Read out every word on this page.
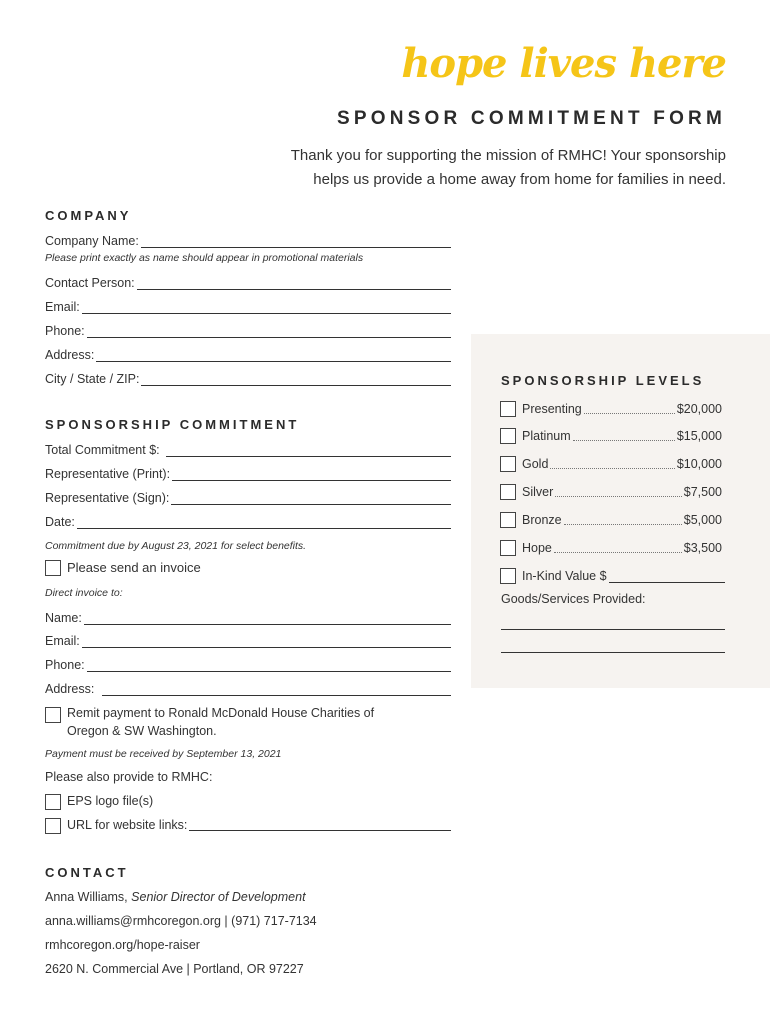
hope lives here
SPONSOR COMMITMENT FORM
Thank you for supporting the mission of RMHC! Your sponsorship helps us provide a home away from home for families in need.
COMPANY
Company Name:
Please print exactly as name should appear in promotional materials
Contact Person:
Email:
Phone:
Address:
City / State / ZIP:
SPONSORSHIP COMMITMENT
Total Commitment $:
Representative (Print):
Representative (Sign):
Date:
Commitment due by August 23, 2021 for select benefits.
Please send an invoice
Direct invoice to:
Name:
Email:
Phone:
Address:
Remit payment to Ronald McDonald House Charities of
Oregon & SW Washington.
Payment must be received by September 13, 2021
Please also provide to RMHC:
EPS logo file(s)
URL for website links:
SPONSORSHIP LEVELS
Presenting	$20,000
Platinum	$15,000
Gold	$10,000
Silver	$7,500
Bronze	$5,000
Hope	$3,500
In-Kind Value $
Goods/Services Provided:
CONTACT
Anna Williams, Senior Director of Development
anna.williams@rmhcoregon.org | (971) 717-7134
rmhcoregon.org/hope-raiser
2620 N. Commercial Ave | Portland, OR 97227
